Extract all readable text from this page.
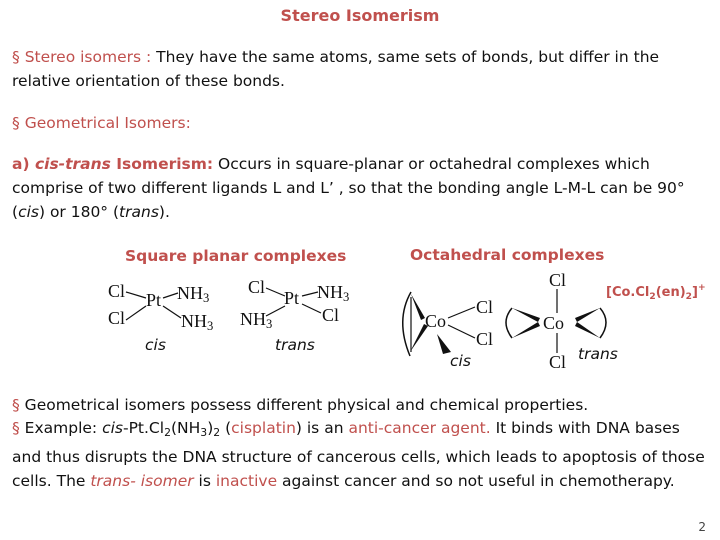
Stereo Isomerism
§ Stereo isomers : They have the same atoms, same sets of bonds, but differ in the relative orientation of these bonds.
§ Geometrical Isomers:
a) cis-trans Isomerism: Occurs in square-planar or octahedral complexes which comprise of two different ligands L and L’ , so that the bonding angle L-M-L can be 90° (cis) or 180° (trans).
Square planar complexes	Octahedral complexes
Cl
Cl
Pt $NH_3$
$NH_3$
cis
Cl
Pt $NH_3$
$NH_3$	Cl
trans
Co
Cl
Cl
cis
Cl
Co
Cl trans
$[Co.Cl_2(en)_2]^+$
§ Geometrical isomers possess different physical and chemical properties.
§ Example: cis-$Pt.Cl_2(NH_3)_2$ (cisplatin) is an anti-cancer agent. It binds with DNA bases and thus disrupts the DNA structure of cancerous cells, which leads to apoptosis of those cells. The trans- isomer is inactive against cancer and so not useful in chemotherapy.
2
